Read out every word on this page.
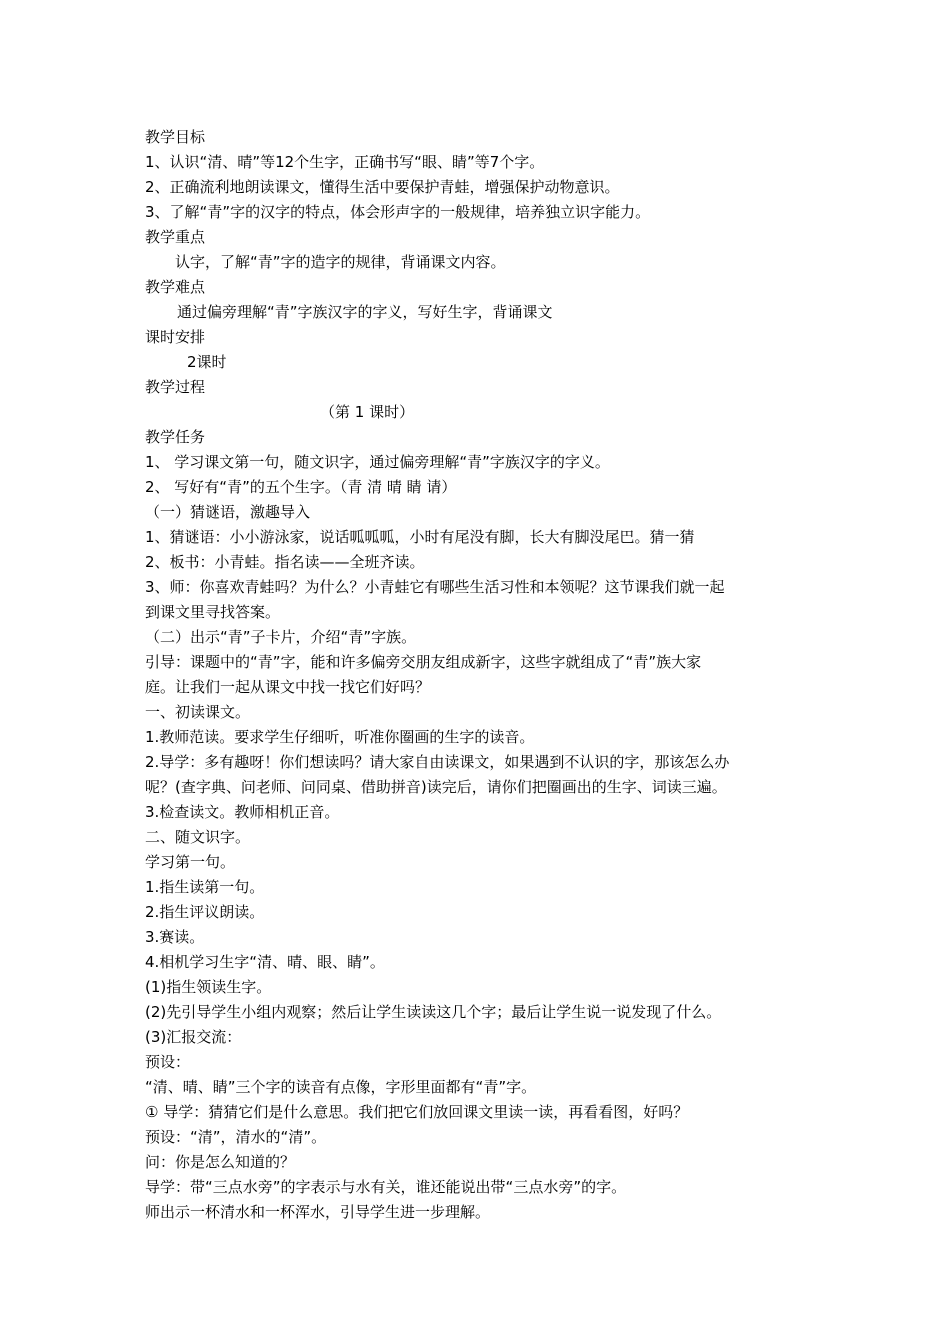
教学目标
1、认识“清、晴”等12个生字，正确书写“眼、睛”等7个字。
2、正确流利地朗读课文，懂得生活中要保护青蛙，增强保护动物意识。
3、了解“青”字的汉字的特点，体会形声字的一般规律，培养独立识字能力。
教学重点
认字，了解“青”字的造字的规律，背诵课文内容。
教学难点
通过偏旁理解“青”字族汉字的字义，写好生字，背诵课文
课时安排
2课时
教学过程
（第 1 课时）
教学任务
1、 学习课文第一句，随文识字，通过偏旁理解“青”字族汉字的字义。
2、 写好有“青”的五个生字。（青 清 晴 睛 请）
（一）猜谜语，激趣导入
1、猜谜语：小小游泳家，说话呱呱呱，小时有尾没有脚，长大有脚没尾巴。猜一猜
2、板书：小青蛙。指名读——全班齐读。
3、师：你喜欢青蛙吗？为什么？小青蛙它有哪些生活习性和本领呢？这节课我们就一起
到课文里寻找答案。
（二）出示“青”子卡片，介绍“青”字族。
引导：课题中的“青”字，能和许多偏旁交朋友组成新字，这些字就组成了“青”族大家
庭。让我们一起从课文中找一找它们好吗？
一、初读课文。
1.教师范读。要求学生仔细听，听准你圈画的生字的读音。
2.导学：多有趣呀！你们想读吗？请大家自由读课文，如果遇到不认识的字，那该怎么办
呢？(查字典、问老师、问同桌、借助拼音)读完后，请你们把圈画出的生字、词读三遍。
3.检查读文。教师相机正音。
二、随文识字。
学习第一句。
1.指生读第一句。
2.指生评议朗读。
3.赛读。
4.相机学习生字“清、晴、眼、睛”。
(1)指生领读生字。
(2)先引导学生小组内观察；然后让学生读读这几个字；最后让学生说一说发现了什么。
(3)汇报交流：
预设：
“清、晴、睛”三个字的读音有点像，字形里面都有“青”字。
① 导学：猜猜它们是什么意思。我们把它们放回课文里读一读，再看看图，好吗？
预设：“清”，清水的“清”。
问：你是怎么知道的？
导学：带“三点水旁”的字表示与水有关，谁还能说出带“三点水旁”的字。
师出示一杯清水和一杯浑水，引导学生进一步理解。
